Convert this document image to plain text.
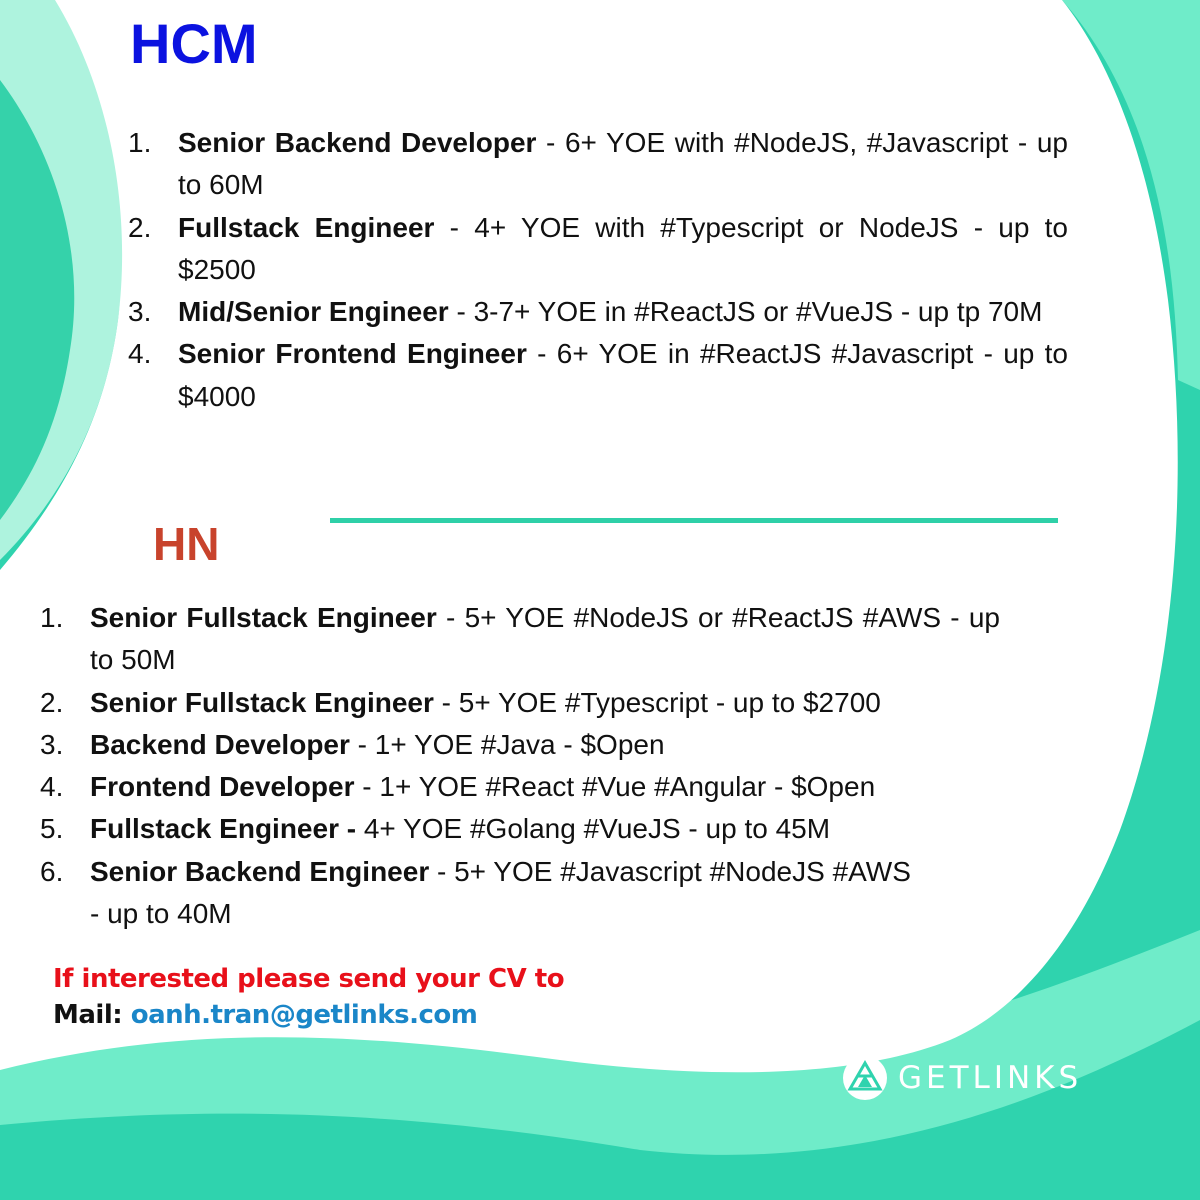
HCM
1. Senior Backend Developer - 6+ YOE with #NodeJS, #Javascript - up to 60M
2. Fullstack Engineer - 4+ YOE with #Typescript or NodeJS - up to $2500
3. Mid/Senior Engineer - 3-7+ YOE in #ReactJS or #VueJS - up tp 70M
4. Senior Frontend Engineer - 6+ YOE in #ReactJS #Javascript - up to $4000
HN
1. Senior Fullstack Engineer - 5+ YOE #NodeJS or #ReactJS #AWS - up to 50M
2. Senior Fullstack Engineer - 5+ YOE #Typescript - up to $2700
3. Backend Developer - 1+ YOE #Java - $Open
4. Frontend Developer - 1+ YOE #React #Vue #Angular - $Open
5. Fullstack Engineer - 4+ YOE #Golang #VueJS - up to 45M
6. Senior Backend Engineer - 5+ YOE #Javascript #NodeJS #AWS
- up to 40M
If interested please send your CV to
Mail: oanh.tran@getlinks.com
GETLINKS
